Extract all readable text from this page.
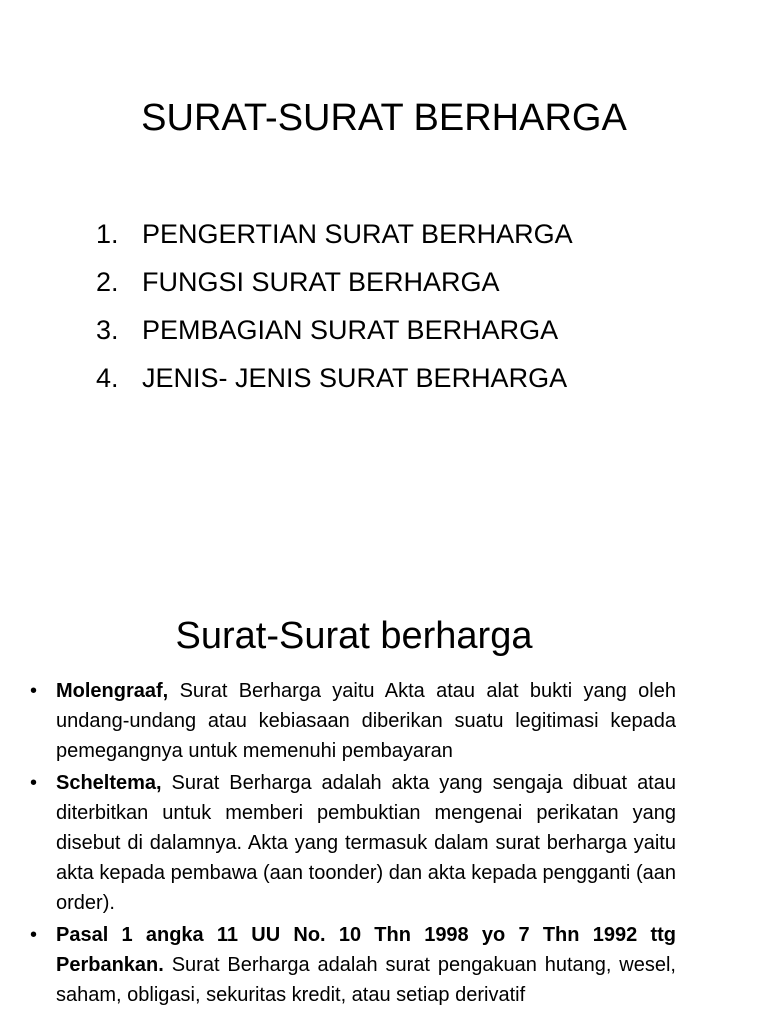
SURAT-SURAT BERHARGA
1. PENGERTIAN SURAT BERHARGA
2. FUNGSI SURAT BERHARGA
3. PEMBAGIAN SURAT BERHARGA
4. JENIS- JENIS SURAT BERHARGA
Surat-Surat berharga
• Molengraaf, Surat Berharga yaitu Akta atau alat bukti yang oleh undang-undang atau kebiasaan diberikan suatu legitimasi kepada pemegangnya untuk memenuhi pembayaran
• Scheltema, Surat Berharga adalah akta yang sengaja dibuat atau diterbitkan untuk memberi pembuktian mengenai perikatan yang disebut di dalamnya. Akta yang termasuk dalam surat berharga yaitu akta kepada pembawa (aan toonder) dan akta kepada pengganti (aan order).
• Pasal 1 angka 11 UU No. 10 Thn 1998 yo 7 Thn 1992 ttg Perbankan. Surat Berharga adalah surat pengakuan hutang, wesel, saham, obligasi, sekuritas kredit, atau setiap derivatif
